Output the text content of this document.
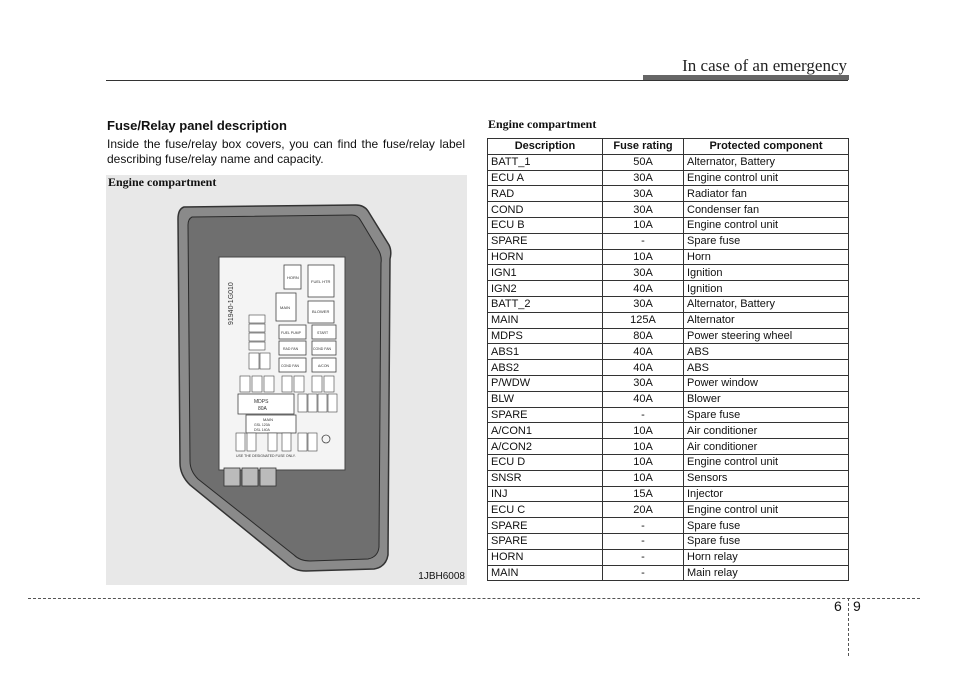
In case of an emergency
Fuse/Relay panel description
Inside the fuse/relay box covers, you can find the fuse/relay label describing fuse/relay name and capacity.
Engine compartment
91940-1G010
HORN
FUEL HTR
MAIN
BLOWER
FUEL PUMP	START
RAD FAN	COND FAN
COND FAN	A/CON
MDPS
80A
MAIN
GSL 120A
DSL 140A
USE THE DESIGNATED FUSE ONLY.
1JBH6008
Engine compartment
Description	Fuse rating	Protected component
BATT_1	50A	Alternator, Battery
ECU A	30A	Engine control unit
RAD	30A	Radiator fan
COND	30A	Condenser fan
ECU B	10A	Engine control unit
SPARE	-	Spare fuse
HORN	10A	Horn
IGN1	30A	Ignition
IGN2	40A	Ignition
BATT_2	30A	Alternator, Battery
MAIN	125A	Alternator
MDPS	80A	Power steering wheel
ABS1	40A	ABS
ABS2	40A	ABS
P/WDW	30A	Power window
BLW	40A	Blower
SPARE	-	Spare fuse
A/CON1	10A	Air conditioner
A/CON2	10A	Air conditioner
ECU D	10A	Engine control unit
SNSR	10A	Sensors
INJ	15A	Injector
ECU C	20A	Engine control unit
SPARE	-	Spare fuse
SPARE	-	Spare fuse
HORN	-	Horn relay
MAIN	-	Main relay
6 9
